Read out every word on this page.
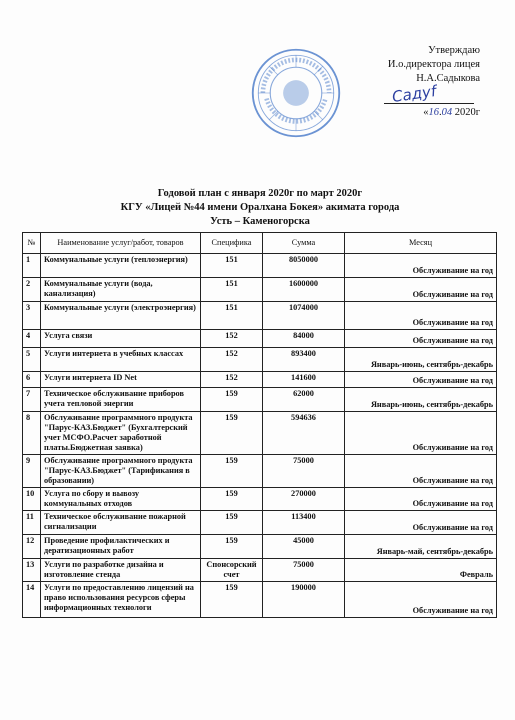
Утверждаю
И.о.директора лицея
Н.А.Садыкова
Садуf
«16.04 2020г
Годовой план с января 2020г по март 2020г
КГУ «Лицей №44 имени Оралхана Бокея» акимата города
Усть – Каменогорска
№	Наименование услуг/работ, товаров	Специфика	Сумма	Месяц
1	Коммунальные услуги (теплоэнергия)	151	8050000	Обслуживание на год
2	Коммунальные услуги (вода, канализация)	151	1600000	Обслуживание на год
3	Коммунальные услуги (электроэнергия)	151	1074000	Обслуживание на год
4	Услуга связи	152	84000	Обслуживание на год
5	Услуги интернета в учебных классах	152	893400	Январь-июнь, сентябрь-декабрь
6	Услуги интернета ID Net	152	141600	Обслуживание на год
7	Техническое обслуживание приборов учета тепловой энергии	159	62000	Январь-июнь, сентябрь-декабрь
8	Обслуживание программного продукта "Парус-КАЗ.Бюджет" (Бухгалтерский учет МСФО.Расчет заработной платы.Бюджетная заявка)	159	594636	Обслуживание на год
9	Обслуживание программного продукта "Парус-КАЗ.Бюджет" (Тарификания в образовании)	159	75000	Обслуживание на год
10	Услуга по сбору и вывозу коммунальных отходов	159	270000	Обслуживание на год
11	Техническое обслуживание пожарной сигнализации	159	113400	Обслуживание на год
12	Проведение профилактических и дератизационных работ	159	45000	Январь-май, сентябрь-декабрь
13	Услуги по разработке дизайна и изготовление стенда	Спонсорский счет	75000	Февраль
14	Услуги по предоставлению лицензий на право использования ресурсов сферы информационных технологи	159	190000	Обслуживание на год
